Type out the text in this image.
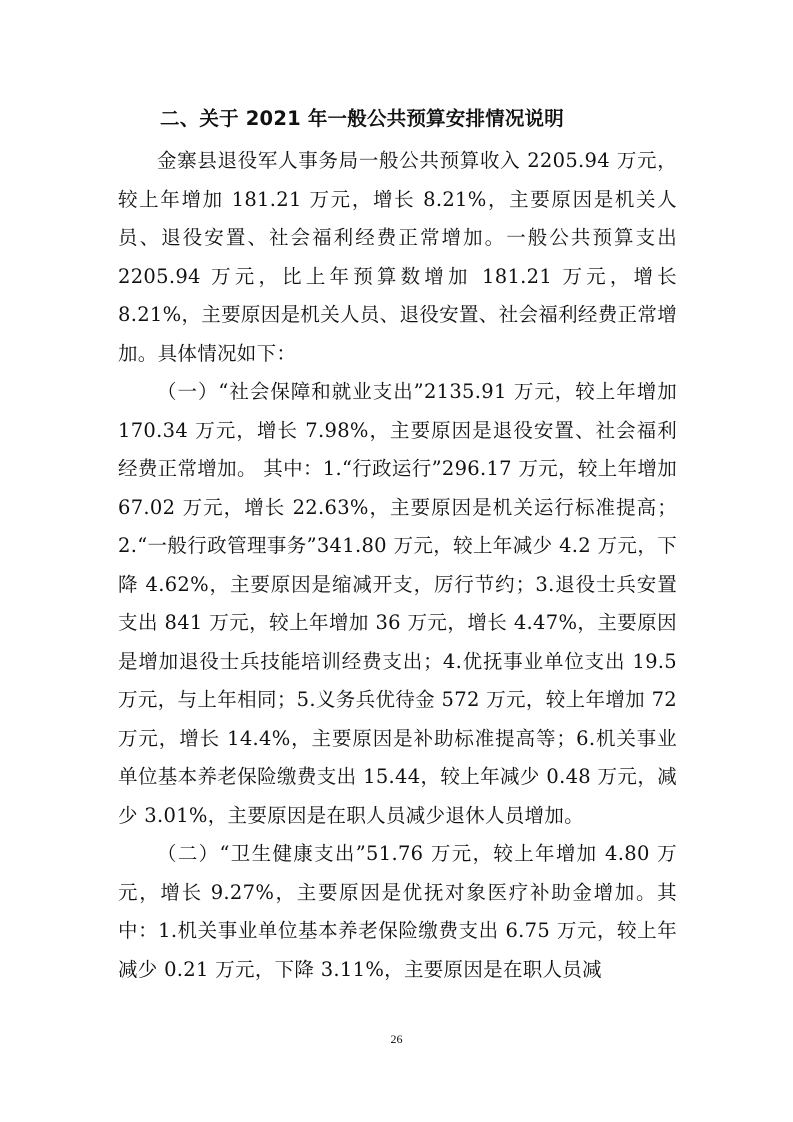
二、关于 2021 年一般公共预算安排情况说明

金寨县退役军人事务局一般公共预算收入 2205.94 万元，较上年增加 181.21 万元，增长 8.21%，主要原因是机关人员、退役安置、社会福利经费正常增加。一般公共预算支出 2205.94 万元，比上年预算数增加 181.21 万元，增长 8.21%，主要原因是机关人员、退役安置、社会福利经费正常增加。具体情况如下：

（一）“社会保障和就业支出”2135.91 万元，较上年增加 170.34 万元，增长 7.98%，主要原因是退役安置、社会福利经费正常增加。 其中：1.“行政运行”296.17 万元，较上年增加 67.02 万元，增长 22.63%，主要原因是机关运行标准提高；2.“一般行政管理事务”341.80 万元，较上年减少 4.2 万元，下降 4.62%，主要原因是缩减开支，厉行节约；3.退役士兵安置支出 841 万元，较上年增加 36 万元，增长 4.47%，主要原因是增加退役士兵技能培训经费支出；4.优抚事业单位支出 19.5 万元，与上年相同；5.义务兵优待金 572 万元，较上年增加 72 万元，增长 14.4%，主要原因是补助标准提高等；6.机关事业单位基本养老保险缴费支出 15.44，较上年减少 0.48 万元，减少 3.01%，主要原因是在职人员减少退休人员增加。

（二）“卫生健康支出”51.76 万元，较上年增加 4.80 万元，增长 9.27%，主要原因是优抚对象医疗补助金增加。其中：1.机关事业单位基本养老保险缴费支出 6.75 万元，较上年减少 0.21 万元，下降 3.11%，主要原因是在职人员减

26
